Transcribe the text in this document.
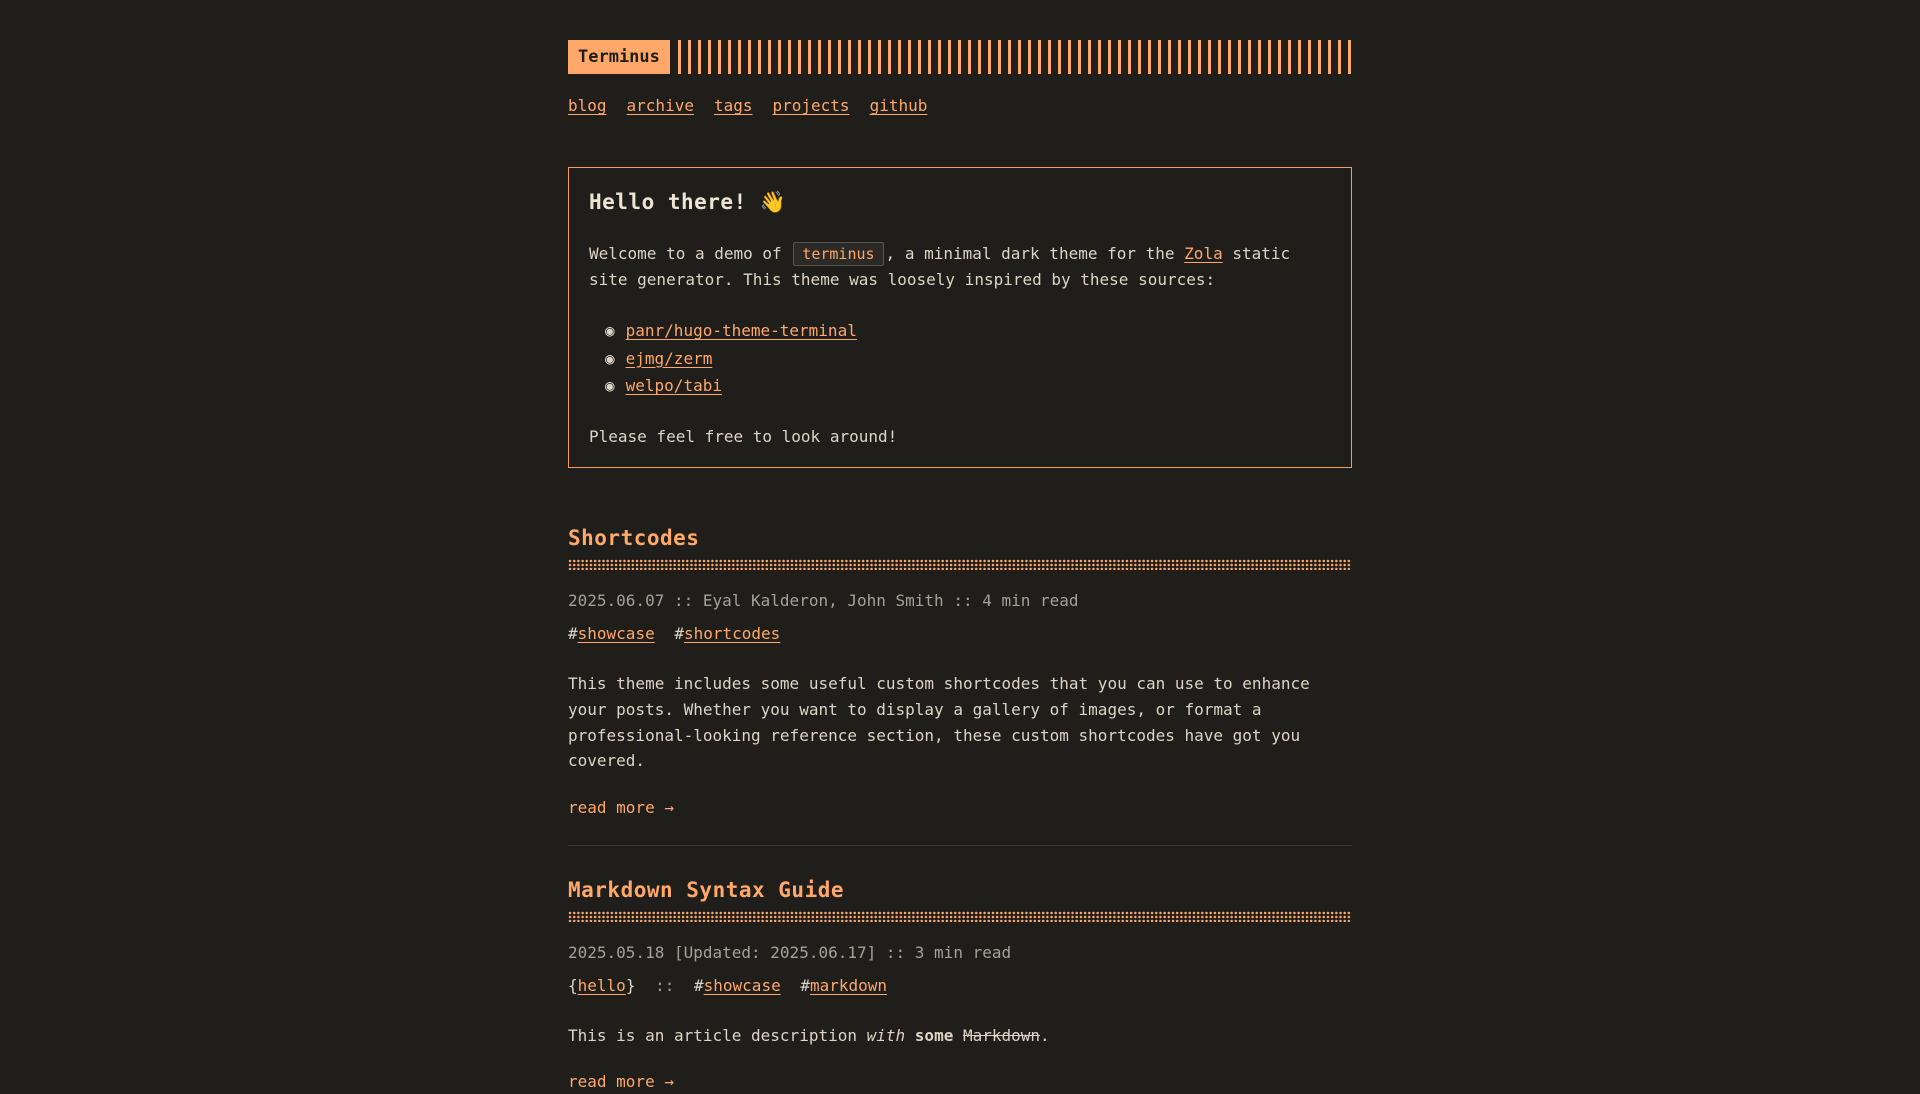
Terminus
blog archive tags projects github
Hello there! 👋

Welcome to a demo of terminus , a minimal dark theme for the Zola static site generator. This theme was loosely inspired by these sources:

◉ panr/hugo-theme-terminal
◉ ejmg/zerm
◉ welpo/tabi

Please feel free to look around!

Shortcodes
2025.06.07 :: Eyal Kalderon, John Smith :: 4 min read
#showcase #shortcodes

This theme includes some useful custom shortcodes that you can use to enhance your posts. Whether you want to display a gallery of images, or format a professional-looking reference section, these custom shortcodes have got you covered.

read more →
Markdown Syntax Guide
2025.05.18 [Updated: 2025.06.17] :: 3 min read
{hello} :: #showcase #markdown

This is an article description with some Markdown.

read more →
